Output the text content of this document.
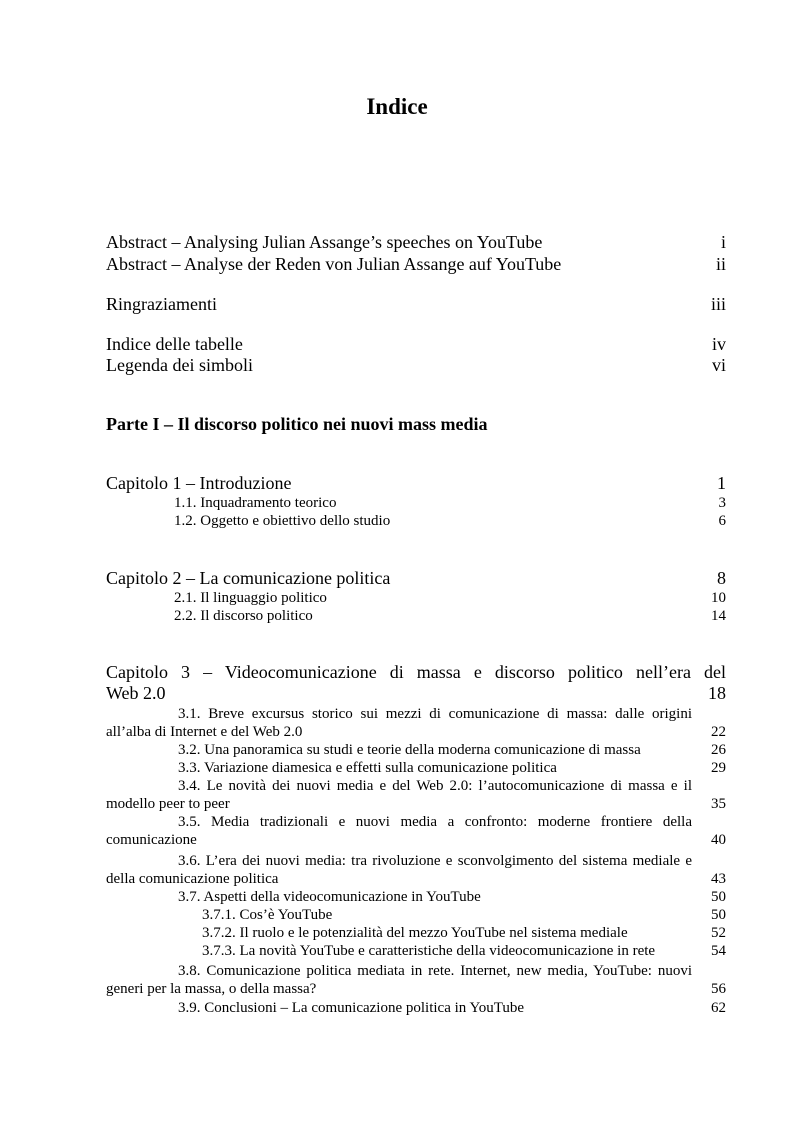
Indice
Abstract – Analysing Julian Assange’s speeches on YouTube	i
Abstract – Analyse der Reden von Julian Assange auf YouTube	ii
Ringraziamenti	iii
Indice delle tabelle	iv
Legenda dei simboli	vi
Parte I – Il discorso politico nei nuovi mass media
Capitolo 1 – Introduzione	1
1.1. Inquadramento teorico	3
1.2. Oggetto e obiettivo dello studio	6
Capitolo 2 – La comunicazione politica	8
2.1. Il linguaggio politico	10
2.2. Il discorso politico	14
Capitolo 3 – Videocomunicazione di massa e discorso politico nell’era del
Web 2.0	18
3.1. Breve excursus storico sui mezzi di comunicazione di massa: dalle origini all’alba di Internet e del Web 2.0	22
3.2. Una panoramica su studi e teorie della moderna comunicazione di massa	26
3.3. Variazione diamesica e effetti sulla comunicazione politica	29
3.4. Le novità dei nuovi media e del Web 2.0: l’autocomunicazione di massa e il modello peer to peer	35
3.5. Media tradizionali e nuovi media a confronto: moderne frontiere della comunicazione	40
3.6. L’era dei nuovi media: tra rivoluzione e sconvolgimento del sistema mediale e della comunicazione politica	43
3.7. Aspetti della videocomunicazione in YouTube	50
3.7.1. Cos’è YouTube	50
3.7.2. Il ruolo e le potenzialità del mezzo YouTube nel sistema mediale	52
3.7.3. La novità YouTube e caratteristiche della videocomunicazione in rete	54
3.8. Comunicazione politica mediata in rete. Internet, new media, YouTube: nuovi generi per la massa, o della massa?	56
3.9. Conclusioni – La comunicazione politica in YouTube	62
